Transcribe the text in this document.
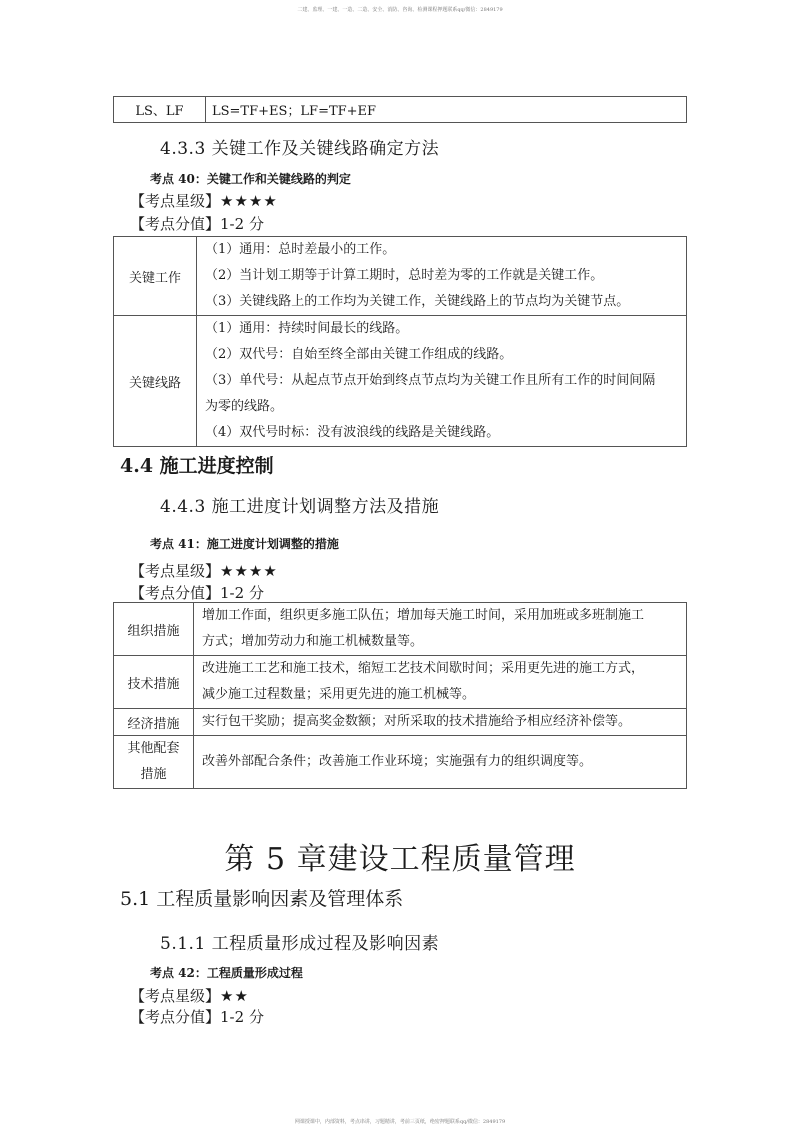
二建、监理、一建、一造、二造、安全、消防、咨询、检测课程押题联系qq/微信：2849179
LS、LF	LS=TF+ES；LF=TF+EF
4.3.3 关键工作及关键线路确定方法
考点 40：关键工作和关键线路的判定
【考点星级】★★★★
【考点分值】1-2 分
关键工作	（1）通用：总时差最小的工作。
（2）当计划工期等于计算工期时，总时差为零的工作就是关键工作。
（3）关键线路上的工作均为关键工作，关键线路上的节点均为关键节点。

关键线路	（1）通用：持续时间最长的线路。
（2）双代号：自始至终全部由关键工作组成的线路。
（3）单代号：从起点节点开始到终点节点均为关键工作且所有工作的时间间隔
为零的线路。
（4）双代号时标：没有波浪线的线路是关键线路。
4.4 施工进度控制
4.4.3 施工进度计划调整方法及措施
考点 41：施工进度计划调整的措施
【考点星级】★★★★
【考点分值】1-2 分
组织措施	增加工作面，组织更多施工队伍；增加每天施工时间，采用加班或多班制施工
方式；增加劳动力和施工机械数量等。

技术措施	改进施工工艺和施工技术，缩短工艺技术间歇时间；采用更先进的施工方式，
减少施工过程数量；采用更先进的施工机械等。

经济措施	实行包干奖励；提高奖金数额；对所采取的技术措施给予相应经济补偿等。

其他配套
措施	改善外部配合条件；改善施工作业环境；实施强有力的组织调度等。
第 5 章建设工程质量管理
5.1 工程质量影响因素及管理体系
5.1.1 工程质量形成过程及影响因素
考点 42：工程质量形成过程
【考点星级】★★
【考点分值】1-2 分
网课授课中，内部资料，考点串讲，习题精讲，考前三页纸，绝密押题联系qq/微信：2849179
